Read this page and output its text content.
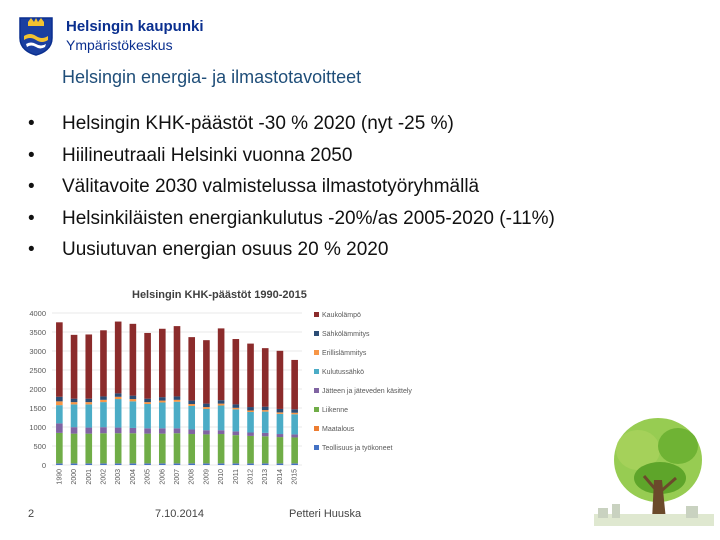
Helsingin kaupunki
Ympäristökeskus
Helsingin energia- ja ilmastotavoitteet
• Helsingin KHK-päästöt -30 % 2020 (nyt -25 %)
• Hiilineutraali Helsinki vuonna 2050
• Välitavoite 2030 valmistelussa ilmastotyöryhmällä
• Helsinkiläisten energiankulutus -20%/as 2005-2020 (-11%)
• Uusiutuvan energian osuus 20 % 2020
Helsingin KHK-päästöt 1990-2015
0
500
1000
1500
2000
2500
3000
3500
4000
1990 2000 2001 2002 2003 2004 2005 2006 2007 2008 2009 2010 2011 2012 2013 2014 2015
Kaukolämpö
Sähkölämmitys
Erillislämmitys
Kulutussähkö
Jätteen ja jäteveden käsittely
Liikenne
Maatalous
Teollisuus ja työkoneet
2	7.10.2014	Petteri Huuska
